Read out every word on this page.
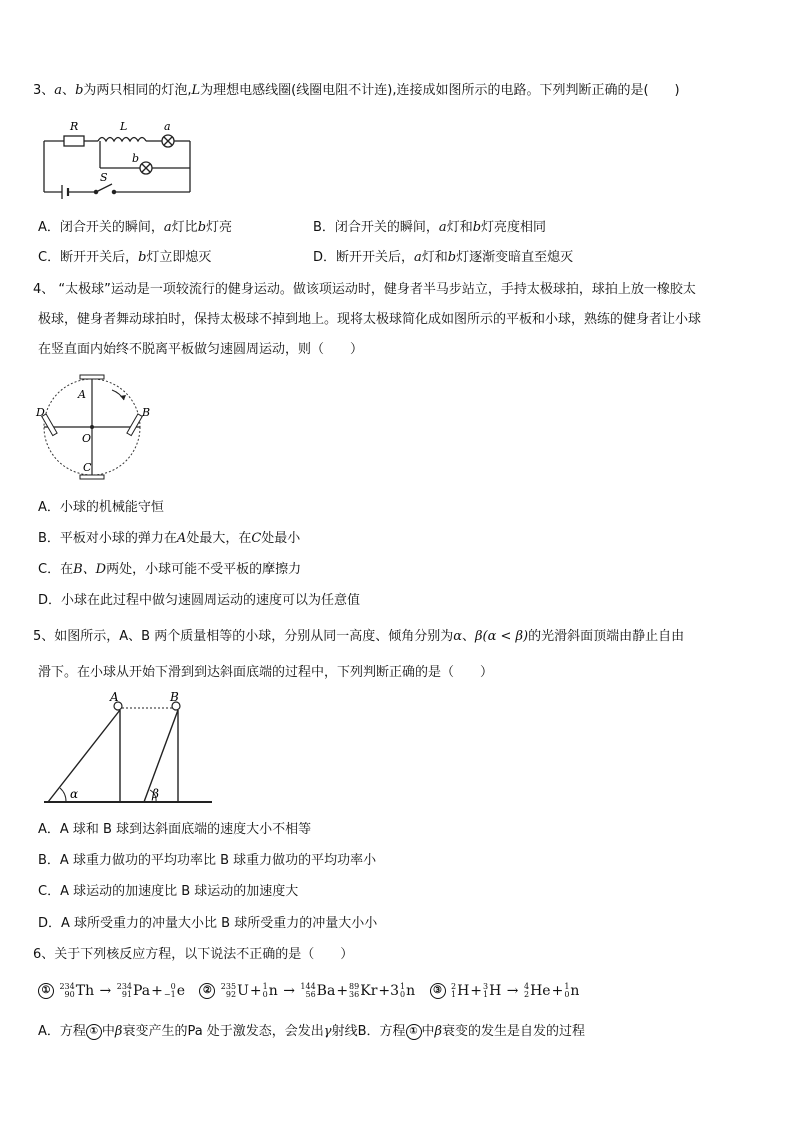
3、a、b为两只相同的灯泡,L为理想电感线圈(线圈电阻不计连),连接成如图所示的电路。下列判断正确的是(　　)
R	L	a
b
S
A．闭合开关的瞬间，a灯比b灯亮	B．闭合开关的瞬间，a灯和b灯亮度相同
C．断开开关后，b灯立即熄灭	D．断开开关后，a灯和b灯逐渐变暗直至熄灭
4、 “太极球”运动是一项较流行的健身运动。做该项运动时，健身者半马步站立，手持太极球拍，球拍上放一橡胶太
极球，健身者舞动球拍时，保持太极球不掉到地上。现将太极球简化成如图所示的平板和小球，熟练的健身者让小球
在竖直面内始终不脱离平板做匀速圆周运动，则（　　）
A
B
C
D
O
A．小球的机械能守恒
B．平板对小球的弹力在A处最大，在C处最小
C．在B、D两处，小球可能不受平板的摩擦力
D．小球在此过程中做匀速圆周运动的速度可以为任意值
5、如图所示，A、B 两个质量相等的小球，分别从同一高度、倾角分别为α、β(α < β)的光滑斜面顶端由静止自由
滑下。在小球从开始下滑到到达斜面底端的过程中，下列判断正确的是（　　）
A	B
α	β
A．A 球和 B 球到达斜面底端的速度大小不相等
B．A 球重力做功的平均功率比 B 球重力做功的平均功率小
C．A 球运动的加速度比 B 球运动的加速度大
D．A 球所受重力的冲量大小比 B 球所受重力的冲量大小小
6、关于下列核反应方程，以下说法不正确的是（　　）
① 234
90 Th → 234
91 Pa + 0
−1 e ② 235
92 U + 1
0 n → 144
56 Ba + 89
36 Kr +3 1
0 n ③ 2
1 H + 3
1 H → 4
2 He + 1
0 n
A．方程 ① 中β衰变产生的Pa 处于激发态，会发出γ射线B．方程 ① 中β衰变的发生是自发的过程
